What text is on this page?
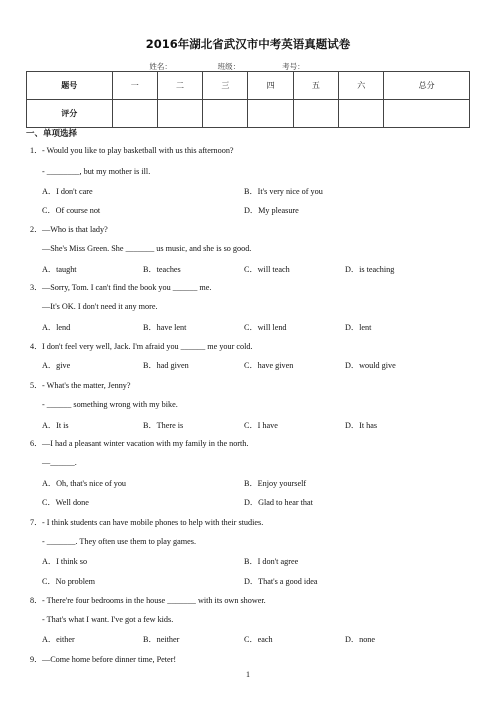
2016年湖北省武汉市中考英语真题试卷
姓名：	班级：	考号：
题号	一	二	三	四	五	六	总分
评分							
一、单项选择
1．- Would you like to play basketball with us this afternoon?
- ________, but my mother is ill.
A．I don't care	B．It's very nice of you
C．Of course not	D．My pleasure
2．—Who is that lady?
—She's Miss Green. She _______ us music, and she is so good.
A．taught	B．teaches	C．will teach	D．is teaching
3．—Sorry, Tom. I can't find the book you ______ me.
—It's OK. I don't need it any more.
A．lend	B．have lent	C．will lend	D．lent
4．I don't feel very well, Jack. I'm afraid you ______ me your cold.
A．give	B．had given	C．have given	D．would give
5．- What's the matter, Jenny?
- ______ something wrong with my bike.
A．It is	B．There is	C．I have	D．It has
6．—I had a pleasant winter vacation with my family in the north.
—______.
A．Oh, that's nice of you	B．Enjoy yourself
C．Well done	D．Glad to hear that
7．- I think students can have mobile phones to help with their studies.
- _______. They often use them to play games.
A．I think so	B．I don't agree
C．No problem	D．That's a good idea
8．- There're four bedrooms in the house _______ with its own shower.
- That's what I want. I've got a few kids.
A．either	B．neither	C．each	D．none
9．—Come home before dinner time, Peter!
1
